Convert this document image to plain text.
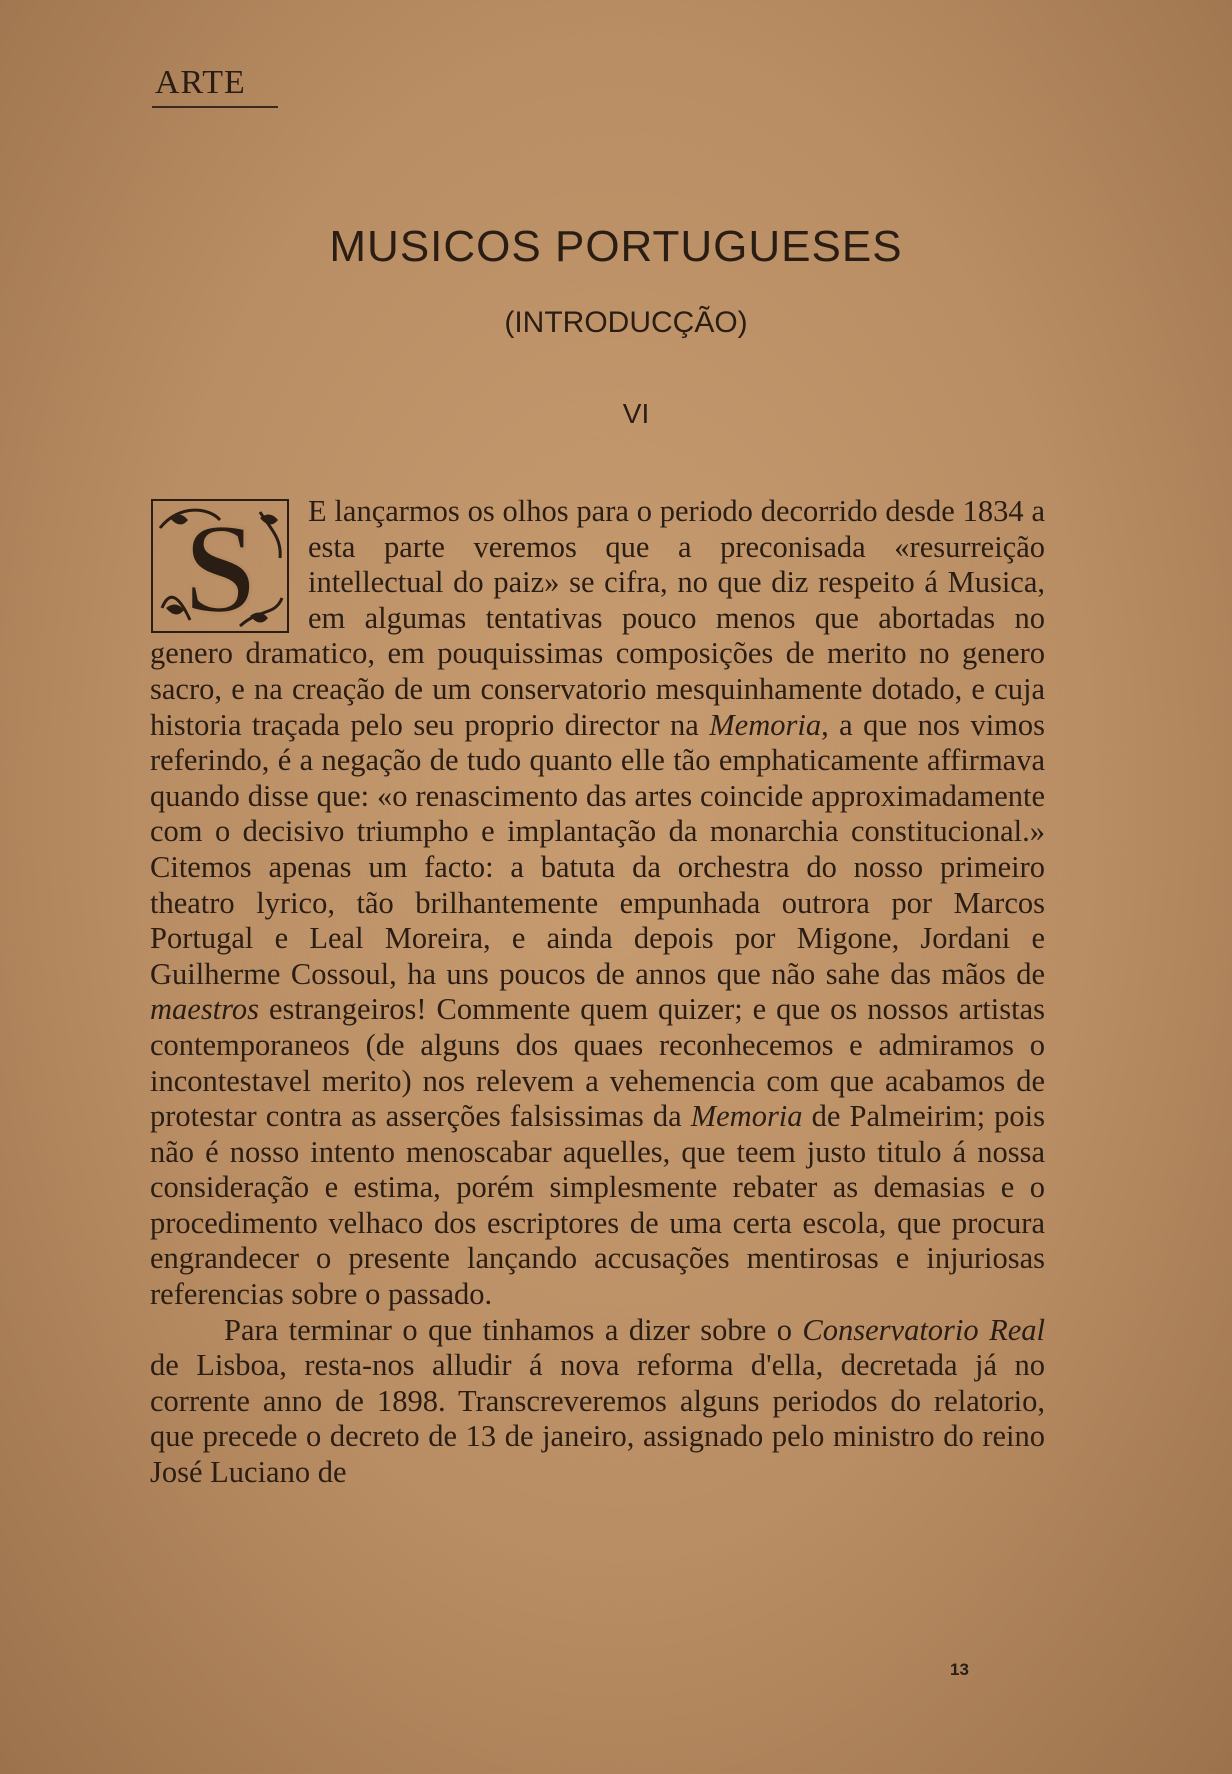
ARTE
MUSICOS PORTUGUESES
(INTRODUCÇÃO)
VI

S E lançarmos os olhos para o periodo decorrido desde 1834 a esta parte veremos que a preconisada «resurreição intellectual do paiz» se cifra, no que diz respeito á Musica, em algumas tentativas pouco menos que abortadas no genero dramatico, em pouquissimas composições de merito no genero sacro, e na creação de um conservatorio mesquinhamente dotado, e cuja historia traçada pelo seu proprio director na Memoria, a que nos vimos referindo, é a negação de tudo quanto elle tão emphaticamente affirmava quando disse que: «o renascimento das artes coincide approximadamente com o decisivo triumpho e implantação da monarchia constitucional.» Citemos apenas um facto: a batuta da orchestra do nosso primeiro theatro lyrico, tão brilhantemente empunhada outrora por Marcos Portugal e Leal Moreira, e ainda depois por Migone, Jordani e Guilherme Cossoul, ha uns poucos de annos que não sahe das mãos de maestros estrangeiros! Commente quem quizer; e que os nossos artistas contemporaneos (de alguns dos quaes reconhecemos e admiramos o incontestavel merito) nos relevem a vehemencia com que acabamos de protestar contra as asserções falsissimas da Memoria de Palmeirim; pois não é nosso intento menoscabar aquelles, que teem justo titulo á nossa consideração e estima, porém simplesmente rebater as demasias e o procedimento velhaco dos escriptores de uma certa escola, que procura engrandecer o presente lançando accusações mentirosas e injuriosas referencias sobre o passado.

Para terminar o que tinhamos a dizer sobre o Conservatorio Real de Lisboa, resta-nos alludir á nova reforma d'ella, decretada já no corrente anno de 1898. Transcreveremos alguns periodos do relatorio, que precede o decreto de 13 de janeiro, assignado pelo ministro do reino José Luciano de

13
